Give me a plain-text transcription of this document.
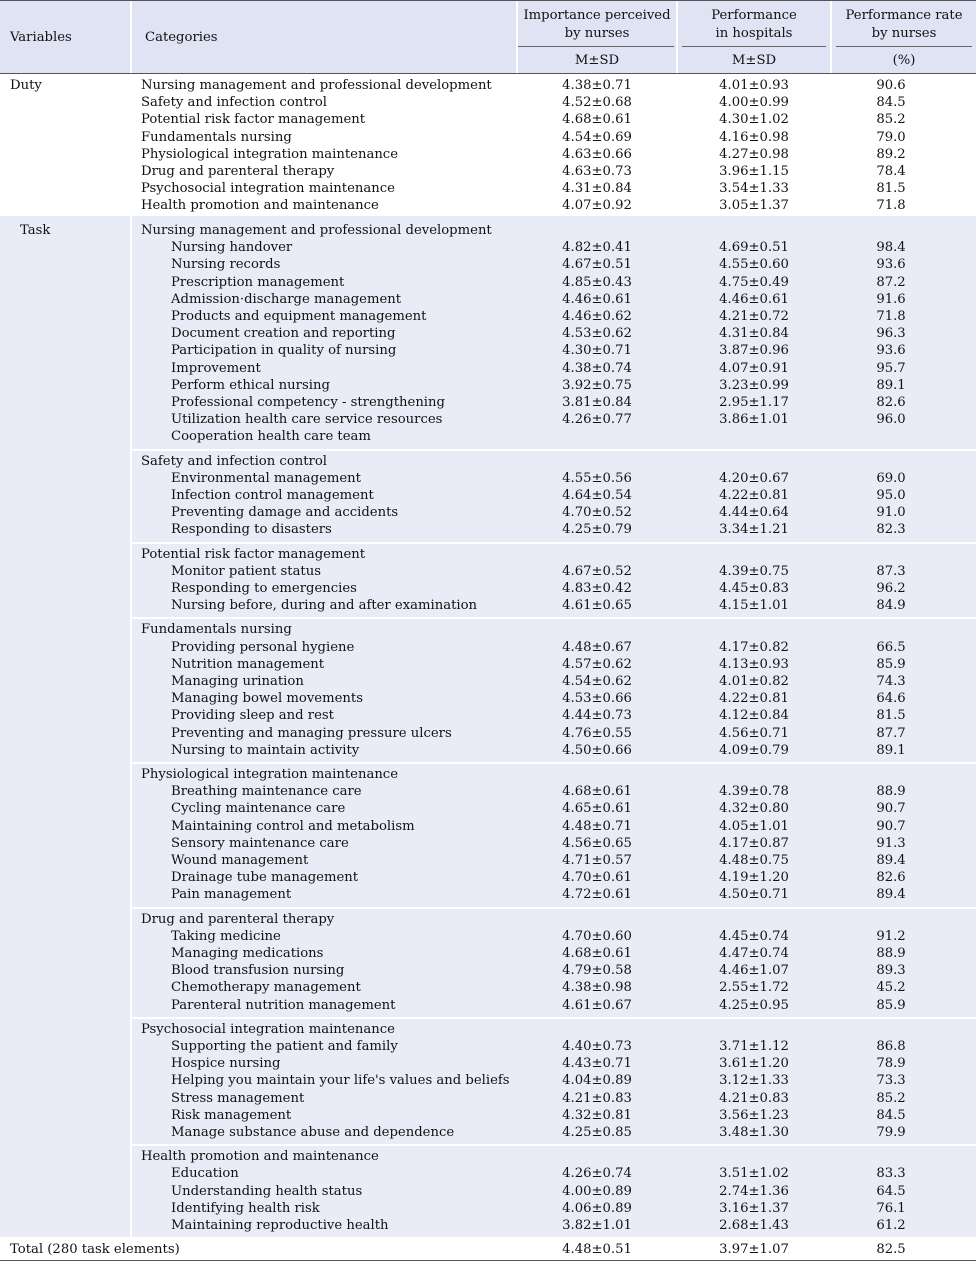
Variables	Categories
Importance perceived
by nurses
Performance
in hospitals
Performance rate
by nurses
M±SD	M±SD	(%)
Duty	Nursing management and professional development	4.38±0.71	4.01±0.93	90.6
Safety and infection control	4.52±0.68	4.00±0.99	84.5
Potential risk factor management	4.68±0.61	4.30±1.02	85.2
Fundamentals nursing	4.54±0.69	4.16±0.98	79.0
Physiological integration maintenance	4.63±0.66	4.27±0.98	89.2
Drug and parenteral therapy	4.63±0.73	3.96±1.15	78.4
Psychosocial integration maintenance	4.31±0.84	3.54±1.33	81.5
Health promotion and maintenance	4.07±0.92	3.05±1.37	71.8
Task	Nursing management and professional development
Nursing handover	4.82±0.41	4.69±0.51	98.4
Nursing records	4.67±0.51	4.55±0.60	93.6
Prescription management	4.85±0.43	4.75±0.49	87.2
Admission·discharge management	4.46±0.61	4.46±0.61	91.6
Products and equipment management	4.46±0.62	4.21±0.72	71.8
Document creation and reporting	4.53±0.62	4.31±0.84	96.3
Participation in quality of nursing	4.30±0.71	3.87±0.96	93.6
Improvement	4.38±0.74	4.07±0.91	95.7
Perform ethical nursing	3.92±0.75	3.23±0.99	89.1
Professional competency - strengthening	3.81±0.84	2.95±1.17	82.6
Utilization health care service resources	4.26±0.77	3.86±1.01	96.0
Cooperation health care team
Safety and infection control
Environmental management	4.55±0.56	4.20±0.67	69.0
Infection control management	4.64±0.54	4.22±0.81	95.0
Preventing damage and accidents	4.70±0.52	4.44±0.64	91.0
Responding to disasters	4.25±0.79	3.34±1.21	82.3
Potential risk factor management
Monitor patient status	4.67±0.52	4.39±0.75	87.3
Responding to emergencies	4.83±0.42	4.45±0.83	96.2
Nursing before, during and after examination	4.61±0.65	4.15±1.01	84.9
Fundamentals nursing
Providing personal hygiene	4.48±0.67	4.17±0.82	66.5
Nutrition management	4.57±0.62	4.13±0.93	85.9
Managing urination	4.54±0.62	4.01±0.82	74.3
Managing bowel movements	4.53±0.66	4.22±0.81	64.6
Providing sleep and rest	4.44±0.73	4.12±0.84	81.5
Preventing and managing pressure ulcers	4.76±0.55	4.56±0.71	87.7
Nursing to maintain activity	4.50±0.66	4.09±0.79	89.1
Physiological integration maintenance
Breathing maintenance care	4.68±0.61	4.39±0.78	88.9
Cycling maintenance care	4.65±0.61	4.32±0.80	90.7
Maintaining control and metabolism	4.48±0.71	4.05±1.01	90.7
Sensory maintenance care	4.56±0.65	4.17±0.87	91.3
Wound management	4.71±0.57	4.48±0.75	89.4
Drainage tube management	4.70±0.61	4.19±1.20	82.6
Pain management	4.72±0.61	4.50±0.71	89.4
Drug and parenteral therapy
Taking medicine	4.70±0.60	4.45±0.74	91.2
Managing medications	4.68±0.61	4.47±0.74	88.9
Blood transfusion nursing	4.79±0.58	4.46±1.07	89.3
Chemotherapy management	4.38±0.98	2.55±1.72	45.2
Parenteral nutrition management	4.61±0.67	4.25±0.95	85.9
Psychosocial integration maintenance
Supporting the patient and family	4.40±0.73	3.71±1.12	86.8
Hospice nursing	4.43±0.71	3.61±1.20	78.9
Helping you maintain your life's values and beliefs	4.04±0.89	3.12±1.33	73.3
Stress management	4.21±0.83	4.21±0.83	85.2
Risk management	4.32±0.81	3.56±1.23	84.5
Manage substance abuse and dependence	4.25±0.85	3.48±1.30	79.9
Health promotion and maintenance
Education	4.26±0.74	3.51±1.02	83.3
Understanding health status	4.00±0.89	2.74±1.36	64.5
Identifying health risk	4.06±0.89	3.16±1.37	76.1
Maintaining reproductive health	3.82±1.01	2.68±1.43	61.2
Total (280 task elements)	4.48±0.51	3.97±1.07	82.5
